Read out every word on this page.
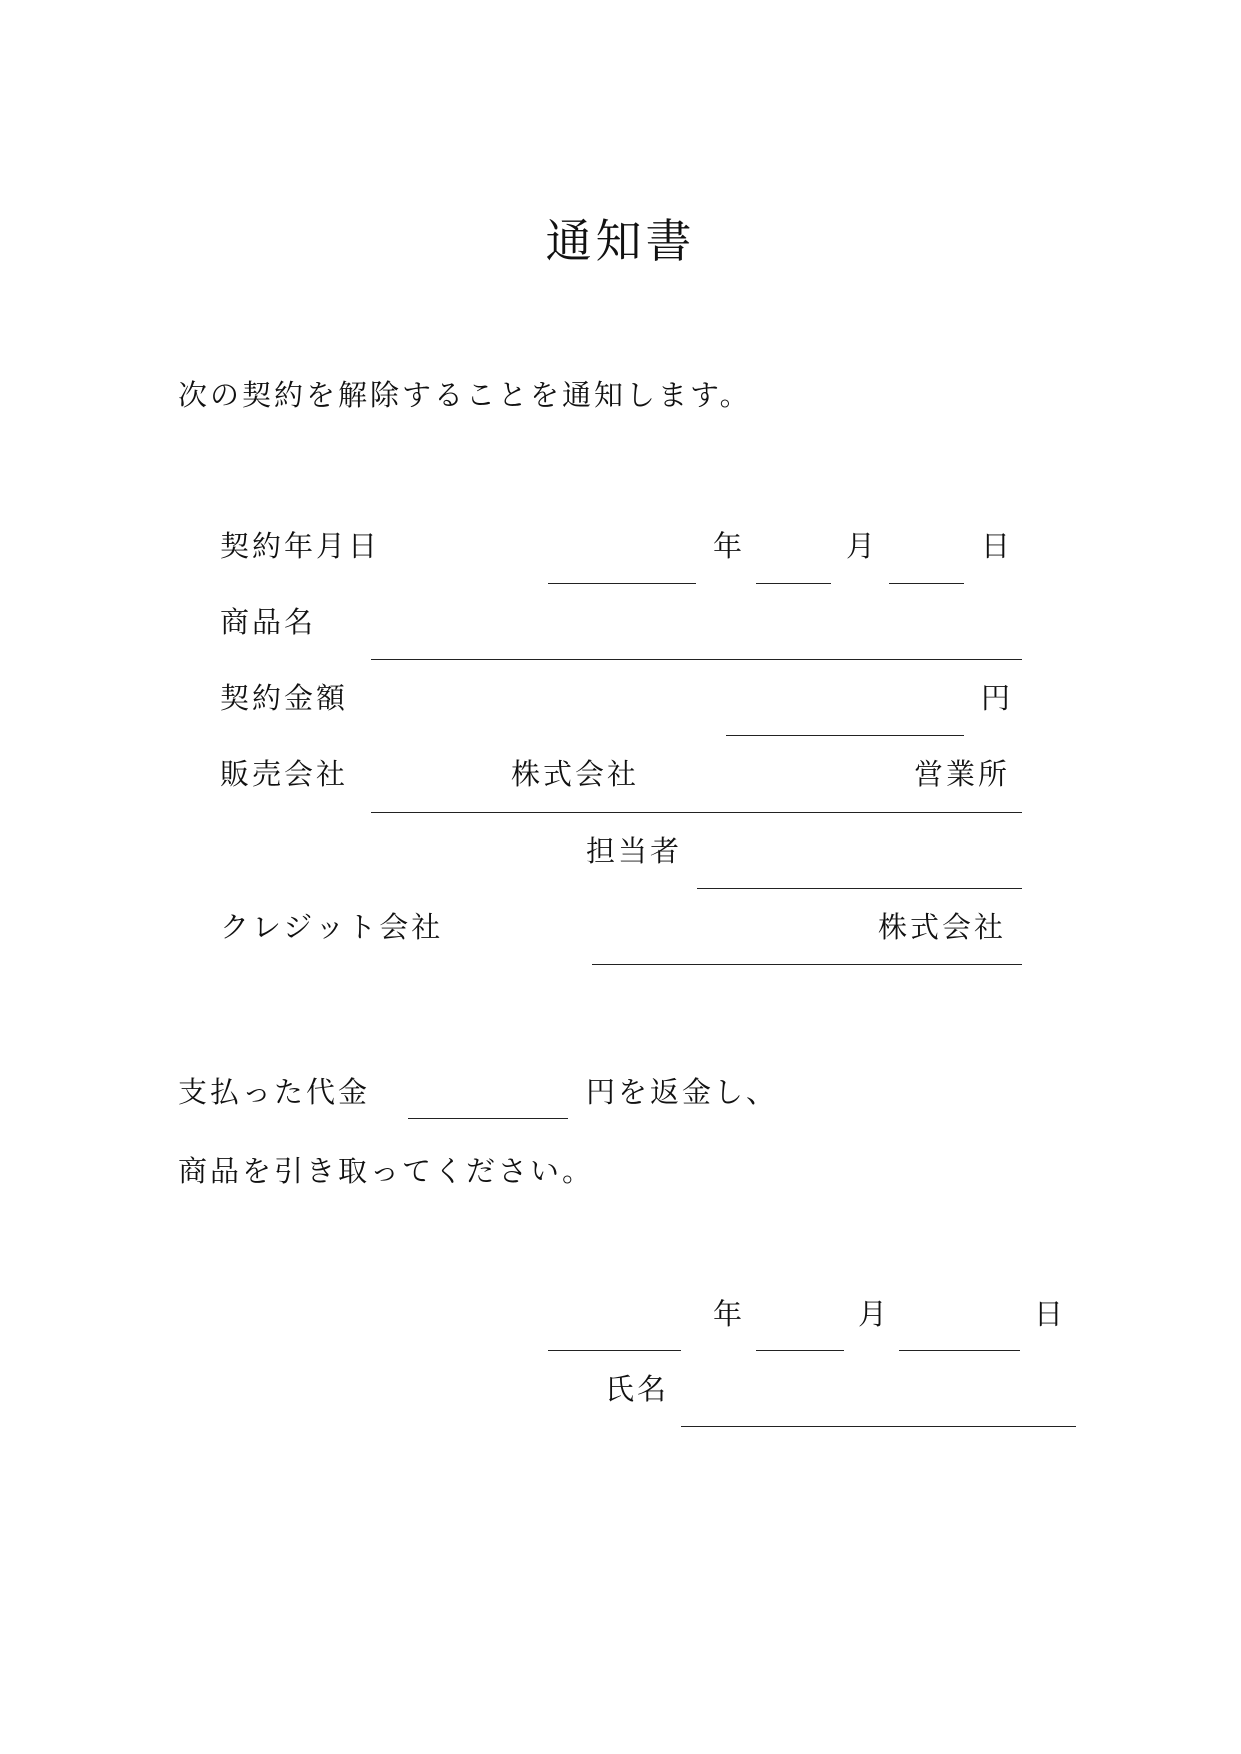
通知書
次の契約を解除することを通知します。
契約年月日	年	月	日
商品名
契約金額	円
販売会社	株式会社	営業所
担当者
クレジット会社	株式会社
支払った代金	円を返金し、
商品を引き取ってください。
年	月	日
氏名
